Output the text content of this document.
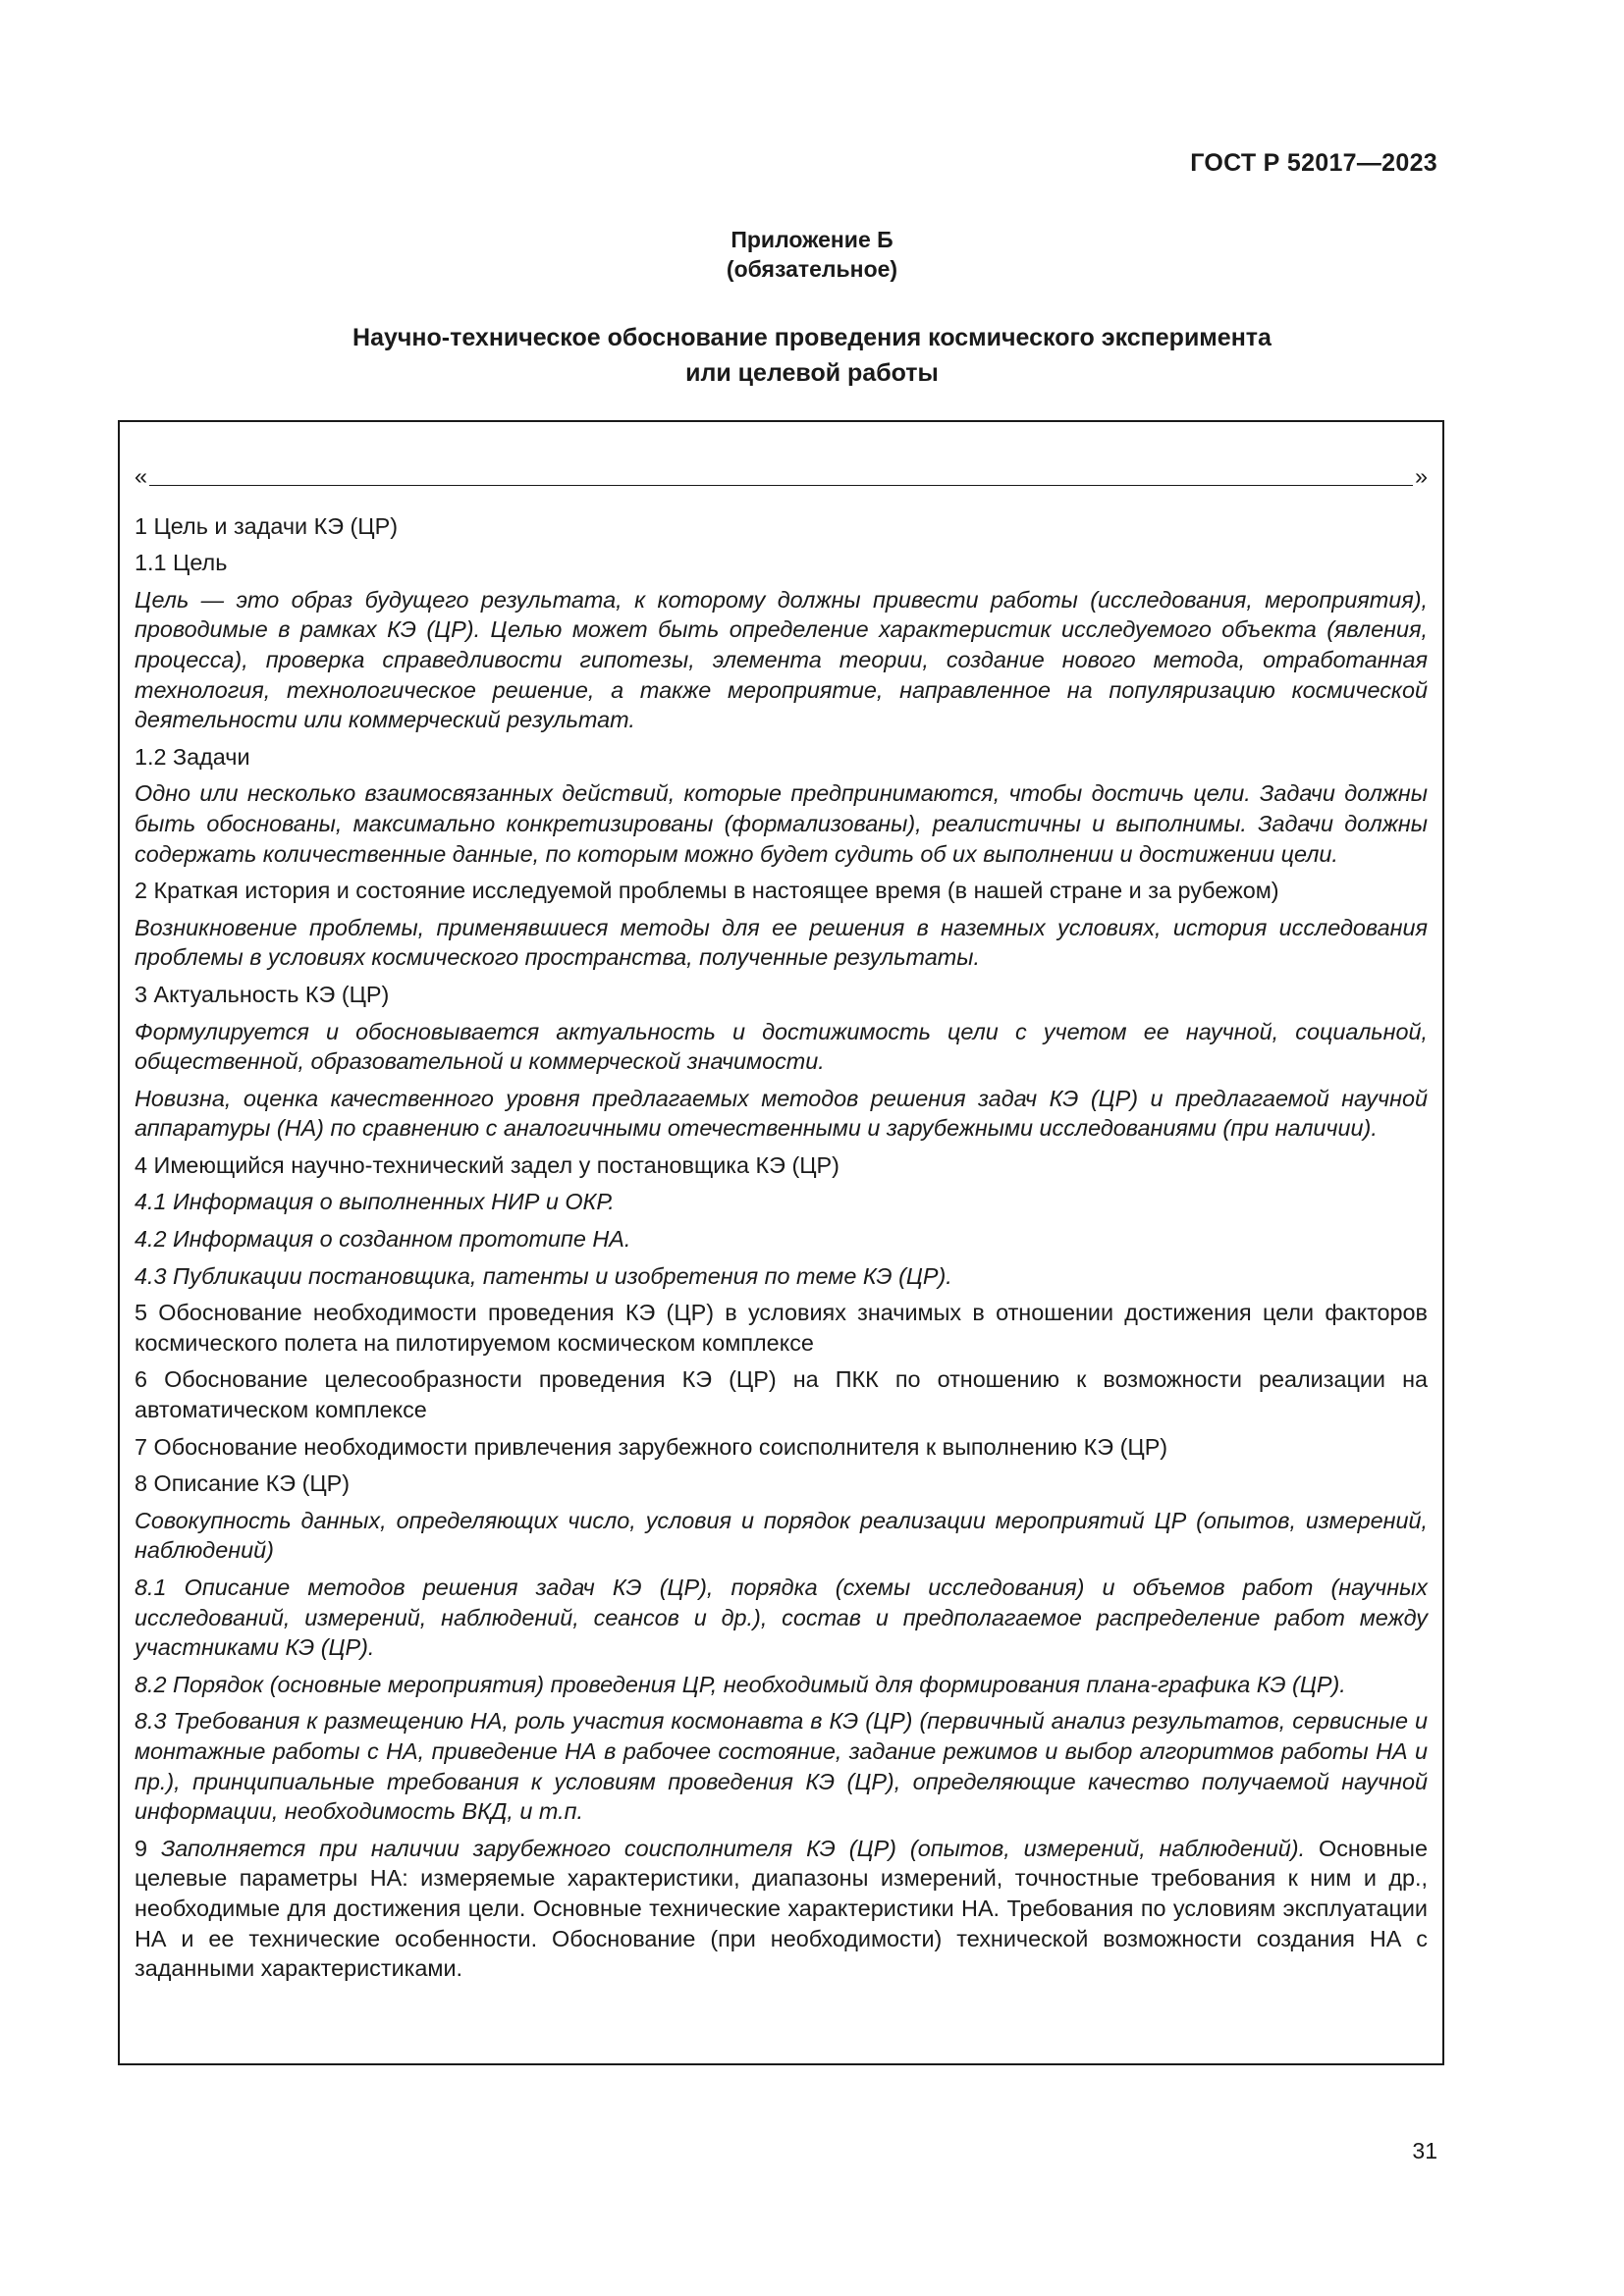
ГОСТ Р 52017—2023
Приложение Б
(обязательное)
Научно-техническое обоснование проведения космического эксперимента
или целевой работы
«	»

1 Цель и задачи КЭ (ЦР)

1.1 Цель

Цель — это образ будущего результата, к которому должны привести работы (исследования, мероприятия), проводимые в рамках КЭ (ЦР). Целью может быть определение характеристик исследуемого объекта (явления, процесса), проверка справедливости гипотезы, элемента теории, создание нового метода, отработанная технология, технологическое решение, а также мероприятие, направленное на популяризацию космической деятельности или коммерческий результат.

1.2 Задачи

Одно или несколько взаимосвязанных действий, которые предпринимаются, чтобы достичь цели. Задачи должны быть обоснованы, максимально конкретизированы (формализованы), реалистичны и выполнимы. Задачи должны содержать количественные данные, по которым можно будет судить об их выполнении и достижении цели.

2 Краткая история и состояние исследуемой проблемы в настоящее время (в нашей стране и за рубежом)

Возникновение проблемы, применявшиеся методы для ее решения в наземных условиях, история исследования проблемы в условиях космического пространства, полученные результаты.

3 Актуальность КЭ (ЦР)

Формулируется и обосновывается актуальность и достижимость цели с учетом ее научной, социальной, общественной, образовательной и коммерческой значимости.

Новизна, оценка качественного уровня предлагаемых методов решения задач КЭ (ЦР) и предлагаемой научной аппаратуры (НА) по сравнению с аналогичными отечественными и зарубежными исследованиями (при наличии).

4 Имеющийся научно-технический задел у постановщика КЭ (ЦР)

4.1 Информация о выполненных НИР и ОКР.

4.2 Информация о созданном прототипе НА.

4.3 Публикации постановщика, патенты и изобретения по теме КЭ (ЦР).

5 Обоснование необходимости проведения КЭ (ЦР) в условиях значимых в отношении достижения цели факторов космического полета на пилотируемом космическом комплексе

6 Обоснование целесообразности проведения КЭ (ЦР) на ПКК по отношению к возможности реализации на автоматическом комплексе

7 Обоснование необходимости привлечения зарубежного соисполнителя к выполнению КЭ (ЦР)

8 Описание КЭ (ЦР)

Совокупность данных, определяющих число, условия и порядок реализации мероприятий ЦР (опытов, измерений, наблюдений)

8.1 Описание методов решения задач КЭ (ЦР), порядка (схемы исследования) и объемов работ (научных исследований, измерений, наблюдений, сеансов и др.), состав и предполагаемое распределение работ между участниками КЭ (ЦР).

8.2 Порядок (основные мероприятия) проведения ЦР, необходимый для формирования плана-графика КЭ (ЦР).

8.3 Требования к размещению НА, роль участия космонавта в КЭ (ЦР) (первичный анализ результатов, сервисные и монтажные работы с НА, приведение НА в рабочее состояние, задание режимов и выбор алгоритмов работы НА и пр.), принципиальные требования к условиям проведения КЭ (ЦР), определяющие качество получаемой научной информации, необходимость ВКД, и т.п.

9 Заполняется при наличии зарубежного соисполнителя КЭ (ЦР) (опытов, измерений, наблюдений). Основные целевые параметры НА: измеряемые характеристики, диапазоны измерений, точностные требования к ним и др., необходимые для достижения цели. Основные технические характеристики НА. Требования по условиям эксплуатации НА и ее технические особенности. Обоснование (при необходимости) технической возможности создания НА с заданными характеристиками.

31
